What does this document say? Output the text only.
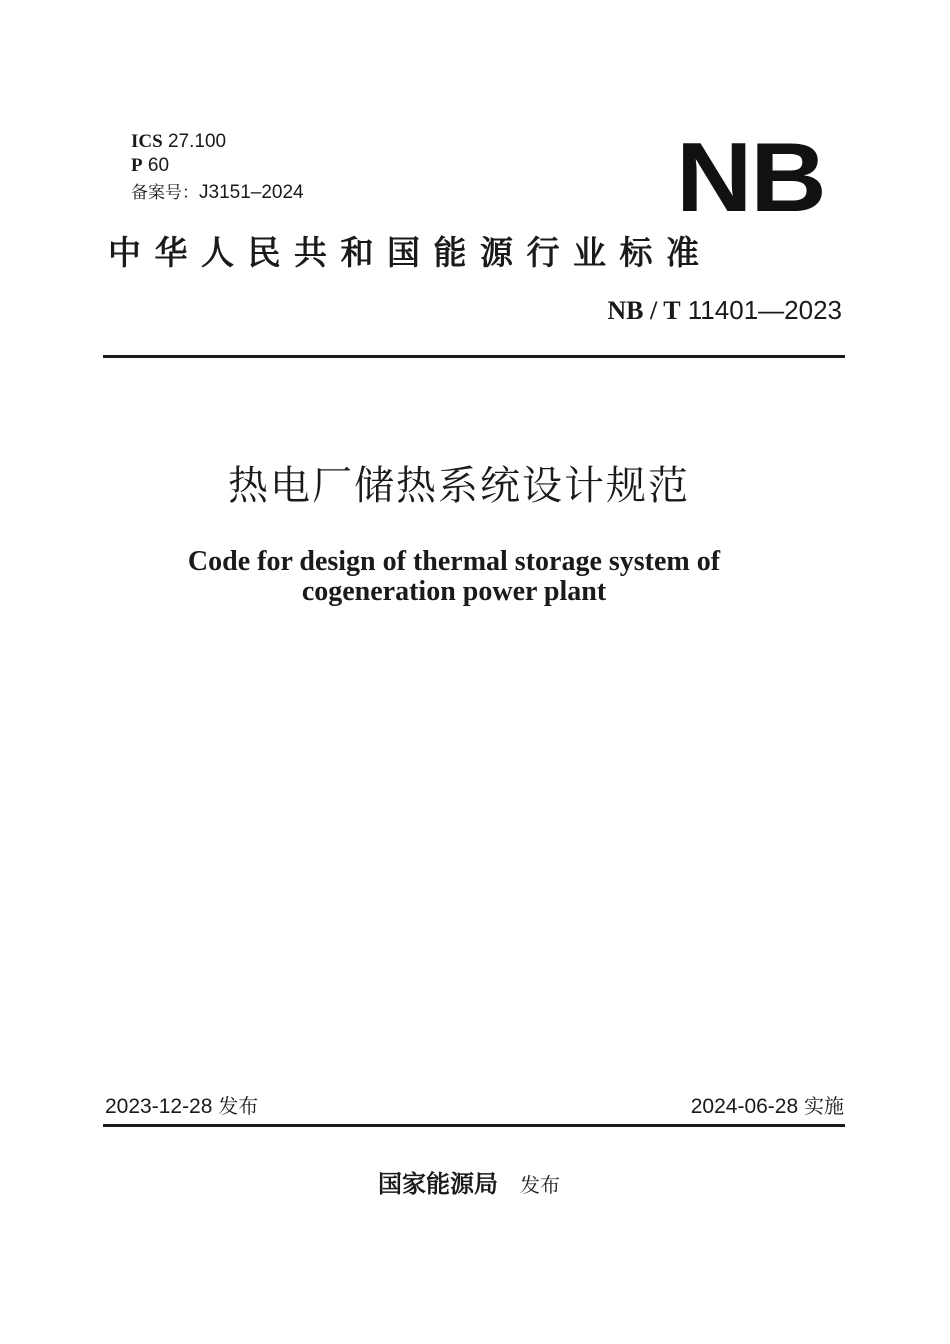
ICS 27.100
P 60
备案号：J3151–2024	NB
中华人民共和国能源行业标准
NB / T 11401—2023
热电厂储热系统设计规范
Code for design of thermal storage system of
cogeneration power plant
2023-12-28 发布	2024-06-28 实施
国家能源局 发布
